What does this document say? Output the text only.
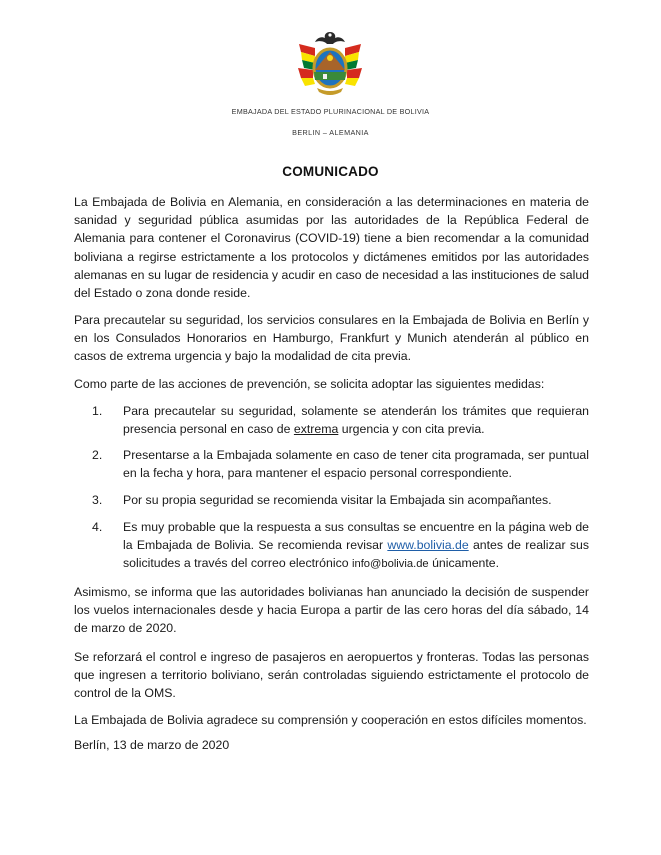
EMBAJADA DEL ESTADO PLURINACIONAL DE BOLIVIA
BERLIN – ALEMANIA
COMUNICADO

La Embajada de Bolivia en Alemania, en consideración a las determinaciones en materia de sanidad y seguridad pública asumidas por las autoridades de la República Federal de Alemania para contener el Coronavirus (COVID-19) tiene a bien recomendar a la comunidad boliviana a regirse estrictamente a los protocolos y dictámenes emitidos por las autoridades alemanas en su lugar de residencia y acudir en caso de necesidad a las instituciones de salud del Estado o zona donde reside.

Para precautelar su seguridad, los servicios consulares en la Embajada de Bolivia en Berlín y en los Consulados Honorarios en Hamburgo, Frankfurt y Munich atenderán al público en casos de extrema urgencia y bajo la modalidad de cita previa.

Como parte de las acciones de prevención, se solicita adoptar las siguientes medidas:

1. Para precautelar su seguridad, solamente se atenderán los trámites que requieran presencia personal en caso de extrema urgencia y con cita previa.
2. Presentarse a la Embajada solamente en caso de tener cita programada, ser puntual en la fecha y hora, para mantener el espacio personal correspondiente.
3. Por su propia seguridad se recomienda visitar la Embajada sin acompañantes.
4. Es muy probable que la respuesta a sus consultas se encuentre en la página web de la Embajada de Bolivia. Se recomienda revisar www.bolivia.de antes de realizar sus solicitudes a través del correo electrónico info@bolivia.de únicamente.

Asimismo, se informa que las autoridades bolivianas han anunciado la decisión de suspender los vuelos internacionales desde y hacia Europa a partir de las cero horas del día sábado, 14 de marzo de 2020.

Se reforzará el control e ingreso de pasajeros en aeropuertos y fronteras. Todas las personas que ingresen a territorio boliviano, serán controladas siguiendo estrictamente el protocolo de control de la OMS.

La Embajada de Bolivia agradece su comprensión y cooperación en estos difíciles momentos.

Berlín, 13 de marzo de 2020
